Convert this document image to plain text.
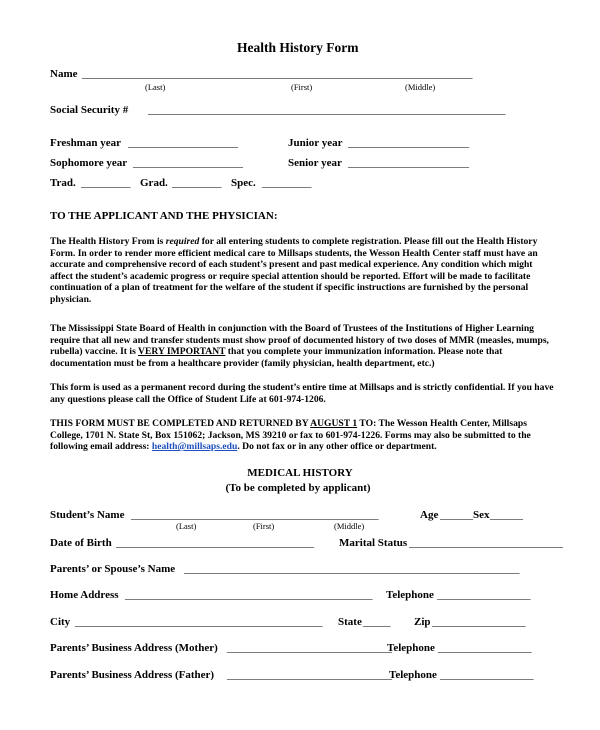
Health History Form
Name _______________________________________________________________________
(Last)	(First)	(Middle)
Social Security # _________________________________________________________________
Freshman year ____________________	Junior year ______________________
Sophomore year ____________________	Senior year ______________________
Trad. _________ Grad. _________ Spec. _________
TO THE APPLICANT AND THE PHYSICIAN:
The Health History From is required for all entering students to complete registration. Please fill out the Health History Form. In order to render more efficient medical care to Millsaps students, the Wesson Health Center staff must have an accurate and comprehensive record of each student’s present and past medical experience. Any condition which might affect the student’s academic progress or require special attention should be reported. Effort will be made to facilitate continuation of a plan of treatment for the welfare of the student if specific instructions are furnished by the personal physician.
The Mississippi State Board of Health in conjunction with the Board of Trustees of the Institutions of Higher Learning require that all new and transfer students must show proof of documented history of two doses of MMR (measles, mumps, rubella) vaccine. It is VERY IMPORTANT that you complete your immunization information. Please note that documentation must be from a healthcare provider (family physician, health department, etc.)
This form is used as a permanent record during the student’s entire time at Millsaps and is strictly confidential. If you have any questions please call the Office of Student Life at 601-974-1206.
THIS FORM MUST BE COMPLETED AND RETURNED BY AUGUST 1 TO: The Wesson Health Center, Millsaps College, 1701 N. State St, Box 151062; Jackson, MS 39210 or fax to 601-974-1226. Forms may also be submitted to the following email address: health@millsaps.edu. Do not fax or in any other office or department.
MEDICAL HISTORY
(To be completed by applicant)
Student’s Name _____________________________________________	Age ______ Sex ______
(Last)	(First)	(Middle)
Date of Birth ____________________________________ Marital Status ____________________________
Parents’ or Spouse’s Name _____________________________________________________________
Home Address _____________________________________________ Telephone _________________
City _____________________________________________ State _____ Zip _________________
Parents’ Business Address (Mother) ______________________________
Telephone _________________
Parents’ Business Address (Father) ______________________________
Telephone _________________
